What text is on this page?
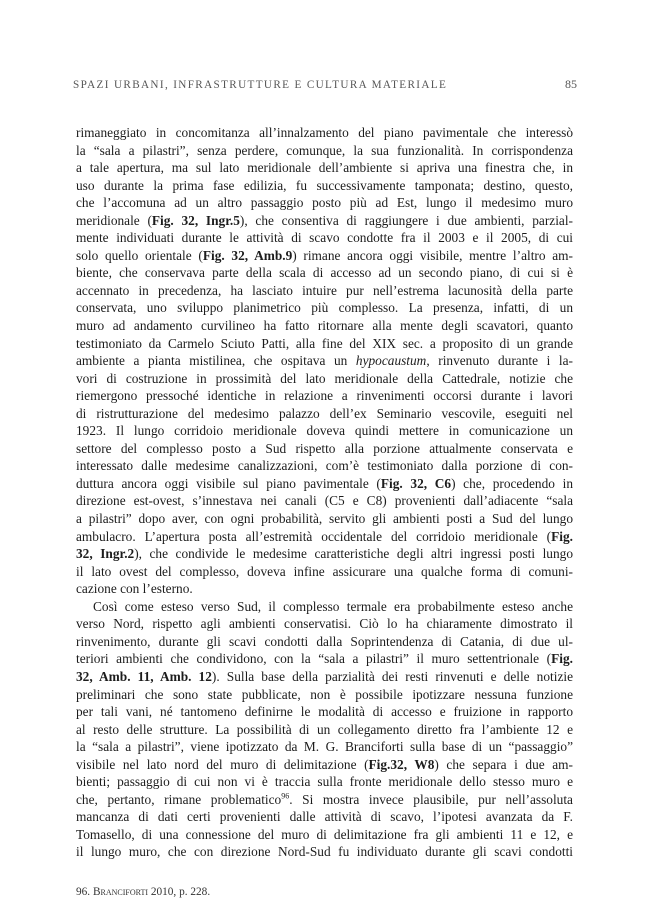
SPAZI URBANI, INFRASTRUTTURE E CULTURA MATERIALE	85
rimaneggiato in concomitanza all’innalzamento del piano pavimentale che interessò
la “sala a pilastri”, senza perdere, comunque, la sua funzionalità. In corrispondenza
a tale apertura, ma sul lato meridionale dell’ambiente si apriva una finestra che, in
uso durante la prima fase edilizia, fu successivamente tamponata; destino, questo,
che l’accomuna ad un altro passaggio posto più ad Est, lungo il medesimo muro
meridionale (Fig. 32, Ingr.5), che consentiva di raggiungere i due ambienti, parzial-
mente individuati durante le attività di scavo condotte fra il 2003 e il 2005, di cui
solo quello orientale (Fig. 32, Amb.9) rimane ancora oggi visibile, mentre l’altro am-
biente, che conservava parte della scala di accesso ad un secondo piano, di cui si è
accennato in precedenza, ha lasciato intuire pur nell’estrema lacunosità della parte
conservata, uno sviluppo planimetrico più complesso. La presenza, infatti, di un
muro ad andamento curvilineo ha fatto ritornare alla mente degli scavatori, quanto
testimoniato da Carmelo Sciuto Patti, alla fine del XIX sec. a proposito di un grande
ambiente a pianta mistilinea, che ospitava un hypocaustum, rinvenuto durante i la-
vori di costruzione in prossimità del lato meridionale della Cattedrale, notizie che
riemergono pressoché identiche in relazione a rinvenimenti occorsi durante i lavori
di ristrutturazione del medesimo palazzo dell’ex Seminario vescovile, eseguiti nel
1923. Il lungo corridoio meridionale doveva quindi mettere in comunicazione un
settore del complesso posto a Sud rispetto alla porzione attualmente conservata e
interessato dalle medesime canalizzazioni, com’è testimoniato dalla porzione di con-
duttura ancora oggi visibile sul piano pavimentale (Fig. 32, C6) che, procedendo in
direzione est-ovest, s’innestava nei canali (C5 e C8) provenienti dall’adiacente “sala
a pilastri” dopo aver, con ogni probabilità, servito gli ambienti posti a Sud del lungo
ambulacro. L’apertura posta all’estremità occidentale del corridoio meridionale (Fig.
32, Ingr.2), che condivide le medesime caratteristiche degli altri ingressi posti lungo
il lato ovest del complesso, doveva infine assicurare una qualche forma di comuni-
cazione con l’esterno.
Così come esteso verso Sud, il complesso termale era probabilmente esteso anche
verso Nord, rispetto agli ambienti conservatisi. Ciò lo ha chiaramente dimostrato il
rinvenimento, durante gli scavi condotti dalla Soprintendenza di Catania, di due ul-
teriori ambienti che condividono, con la “sala a pilastri” il muro settentrionale (Fig.
32, Amb. 11, Amb. 12). Sulla base della parzialità dei resti rinvenuti e delle notizie
preliminari che sono state pubblicate, non è possibile ipotizzare nessuna funzione
per tali vani, né tantomeno definirne le modalità di accesso e fruizione in rapporto
al resto delle strutture. La possibilità di un collegamento diretto fra l’ambiente 12 e
la “sala a pilastri”, viene ipotizzato da M. G. Branciforti sulla base di un “passaggio”
visibile nel lato nord del muro di delimitazione (Fig.32, W8) che separa i due am-
bienti; passaggio di cui non vi è traccia sulla fronte meridionale dello stesso muro e
che, pertanto, rimane problematico$^{96}$. Si mostra invece plausibile, pur nell’assoluta
mancanza di dati certi provenienti dalle attività di scavo, l’ipotesi avanzata da F.
Tomasello, di una connessione del muro di delimitazione fra gli ambienti 11 e 12, e
il lungo muro, che con direzione Nord-Sud fu individuato durante gli scavi condotti
96. Branciforti 2010, p. 228.
